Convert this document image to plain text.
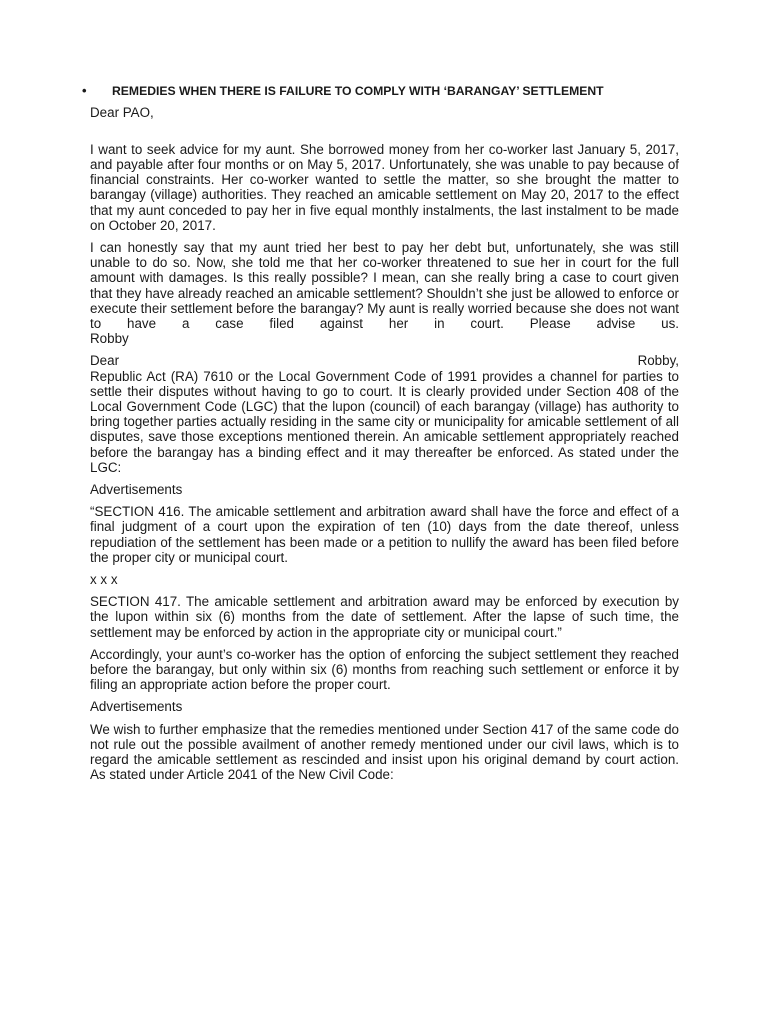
REMEDIES WHEN THERE IS FAILURE TO COMPLY WITH ‘BARANGAY’ SETTLEMENT

Dear PAO,

I want to seek advice for my aunt. She borrowed money from her co-worker last January 5, 2017, and payable after four months or on May 5, 2017. Unfortunately, she was unable to pay because of financial constraints. Her co-worker wanted to settle the matter, so she brought the matter to barangay (village) authorities. They reached an amicable settlement on May 20, 2017 to the effect that my aunt conceded to pay her in five equal monthly instalments, the last instalment to be made on October 20, 2017.

I can honestly say that my aunt tried her best to pay her debt but, unfortunately, she was still unable to do so. Now, she told me that her co-worker threatened to sue her in court for the full amount with damages. Is this really possible? I mean, can she really bring a case to court given that they have already reached an amicable settlement? Shouldn’t she just be allowed to enforce or execute their settlement before the barangay? My aunt is really worried because she does not want to have a case filed against her in court. Please advise us.

Robby

Dear	Robby,

Republic Act (RA) 7610 or the Local Government Code of 1991 provides a channel for parties to settle their disputes without having to go to court. It is clearly provided under Section 408 of the Local Government Code (LGC) that the lupon (council) of each barangay (village) has authority to bring together parties actually residing in the same city or municipality for amicable settlement of all disputes, save those exceptions mentioned therein. An amicable settlement appropriately reached before the barangay has a binding effect and it may thereafter be enforced. As stated under the LGC:

Advertisements

“SECTION 416. The amicable settlement and arbitration award shall have the force and effect of a final judgment of a court upon the expiration of ten (10) days from the date thereof, unless repudiation of the settlement has been made or a petition to nullify the award has been filed before the proper city or municipal court.

x x x

SECTION 417. The amicable settlement and arbitration award may be enforced by execution by the lupon within six (6) months from the date of settlement. After the lapse of such time, the settlement may be enforced by action in the appropriate city or municipal court.”

Accordingly, your aunt’s co-worker has the option of enforcing the subject settlement they reached before the barangay, but only within six (6) months from reaching such settlement or enforce it by filing an appropriate action before the proper court.

Advertisements

We wish to further emphasize that the remedies mentioned under Section 417 of the same code do not rule out the possible availment of another remedy mentioned under our civil laws, which is to regard the amicable settlement as rescinded and insist upon his original demand by court action. As stated under Article 2041 of the New Civil Code:
